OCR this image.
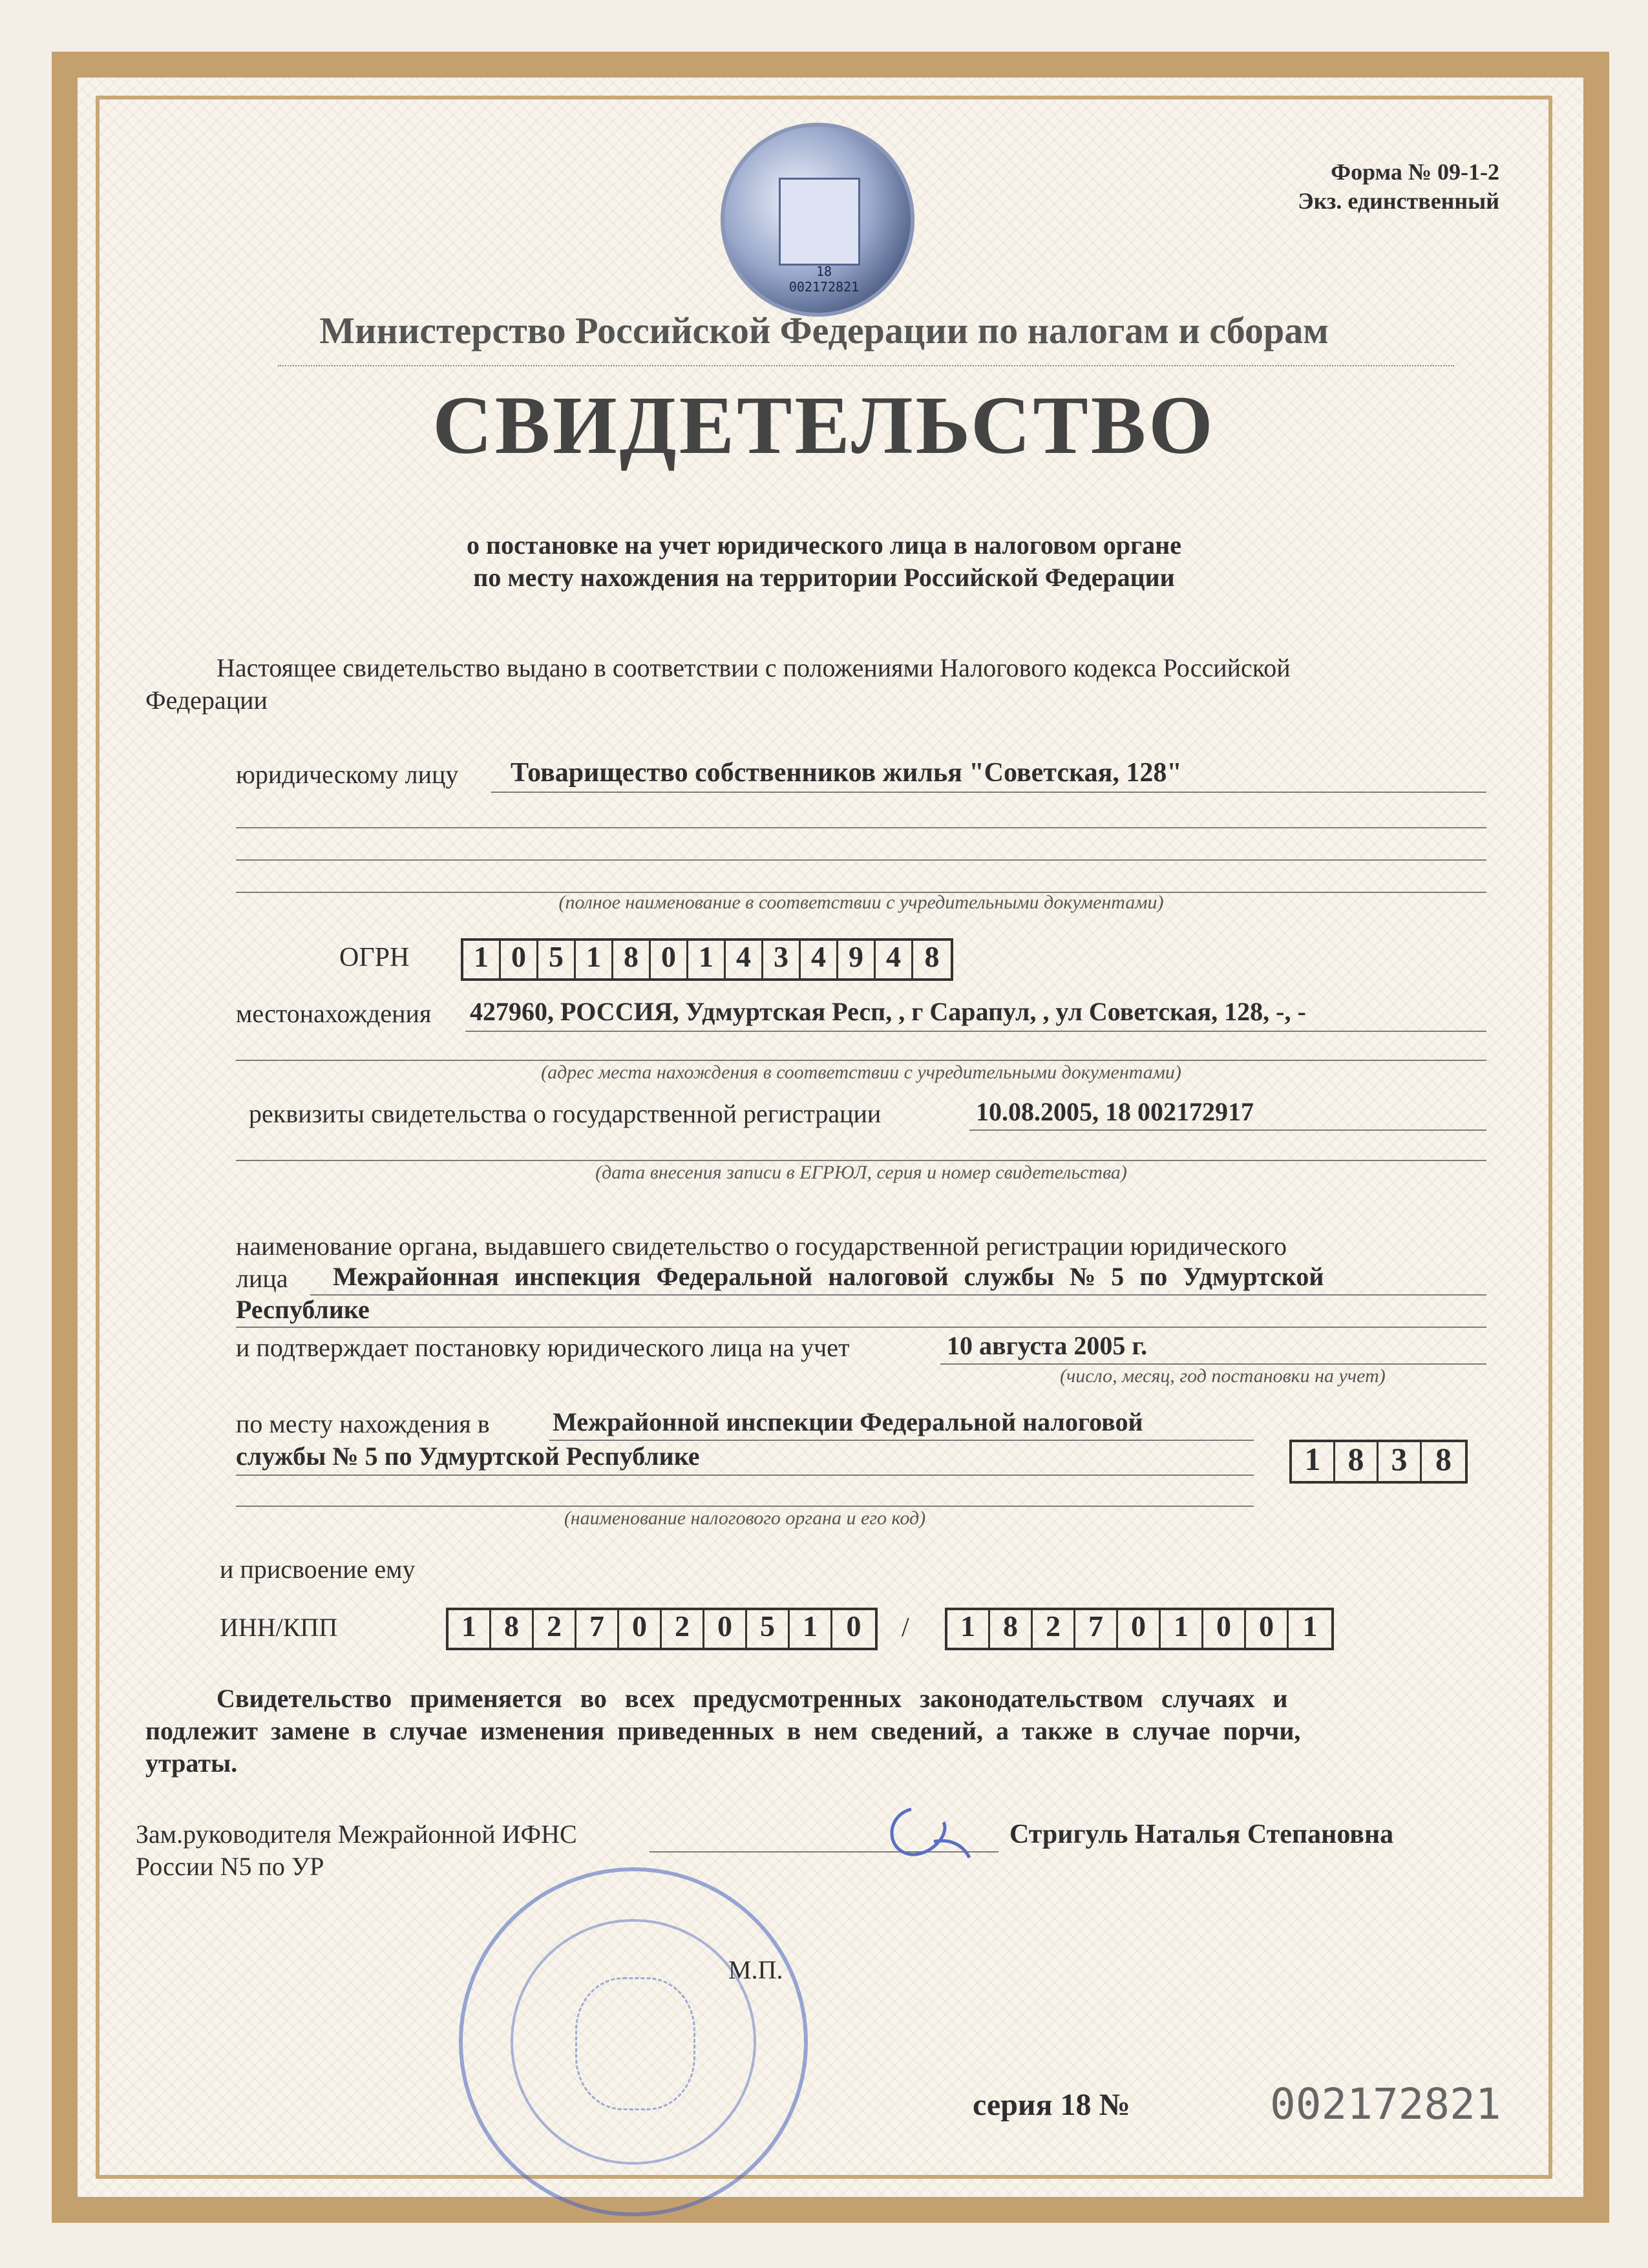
18 002172821
Форма № 09-1-2
Экз. единственный
Министерство Российской Федерации по налогам и сборам
СВИДЕТЕЛЬСТВО
о постановке на учет юридического лица в налоговом органе
по месту нахождения на территории Российской Федерации
Настоящее свидетельство выдано в соответствии с положениями Налогового кодекса Российской
Федерации
юридическому лицу Товарищество собственников жилья "Советская, 128"
(полное наименование в соответствии с учредительными документами)
ОГРН	1 0 5 1 8 0 1 4 3 4 9 4 8
местонахождения 427960, РОССИЯ, Удмуртская Респ, , г Сарапул, , ул Советская, 128, -, -
(адрес места нахождения в соответствии с учредительными документами)
реквизиты свидетельства о государственной регистрации	10.08.2005, 18 002172917
(дата внесения записи в ЕГРЮЛ, серия и номер свидетельства)
наименование органа, выдавшего свидетельство о государственной регистрации юридического
лица Межрайонная инспекция Федеральной налоговой службы № 5 по Удмуртской
Республике
и подтверждает постановку юридического лица на учет	10 августа 2005 г.
(число, месяц, год постановки на учет)
по месту нахождения в Межрайонной инспекции Федеральной налоговой
службы № 5 по Удмуртской Республике	1 8 3 8
(наименование налогового органа и его код)
и присвоение ему
ИНН/КПП	1 8 2 7 0 2 0 5 1 0	/	1 8 2 7 0 1 0 0 1
Свидетельство применяется во всех предусмотренных законодательством случаях и
подлежит замене в случае изменения приведенных в нем сведений, а также в случае порчи,
утраты.
Зам.руководителя Межрайонной ИФНС
России N5 по УР
Стригуль Наталья Степановна
М.П.
серия 18 №	002172821
